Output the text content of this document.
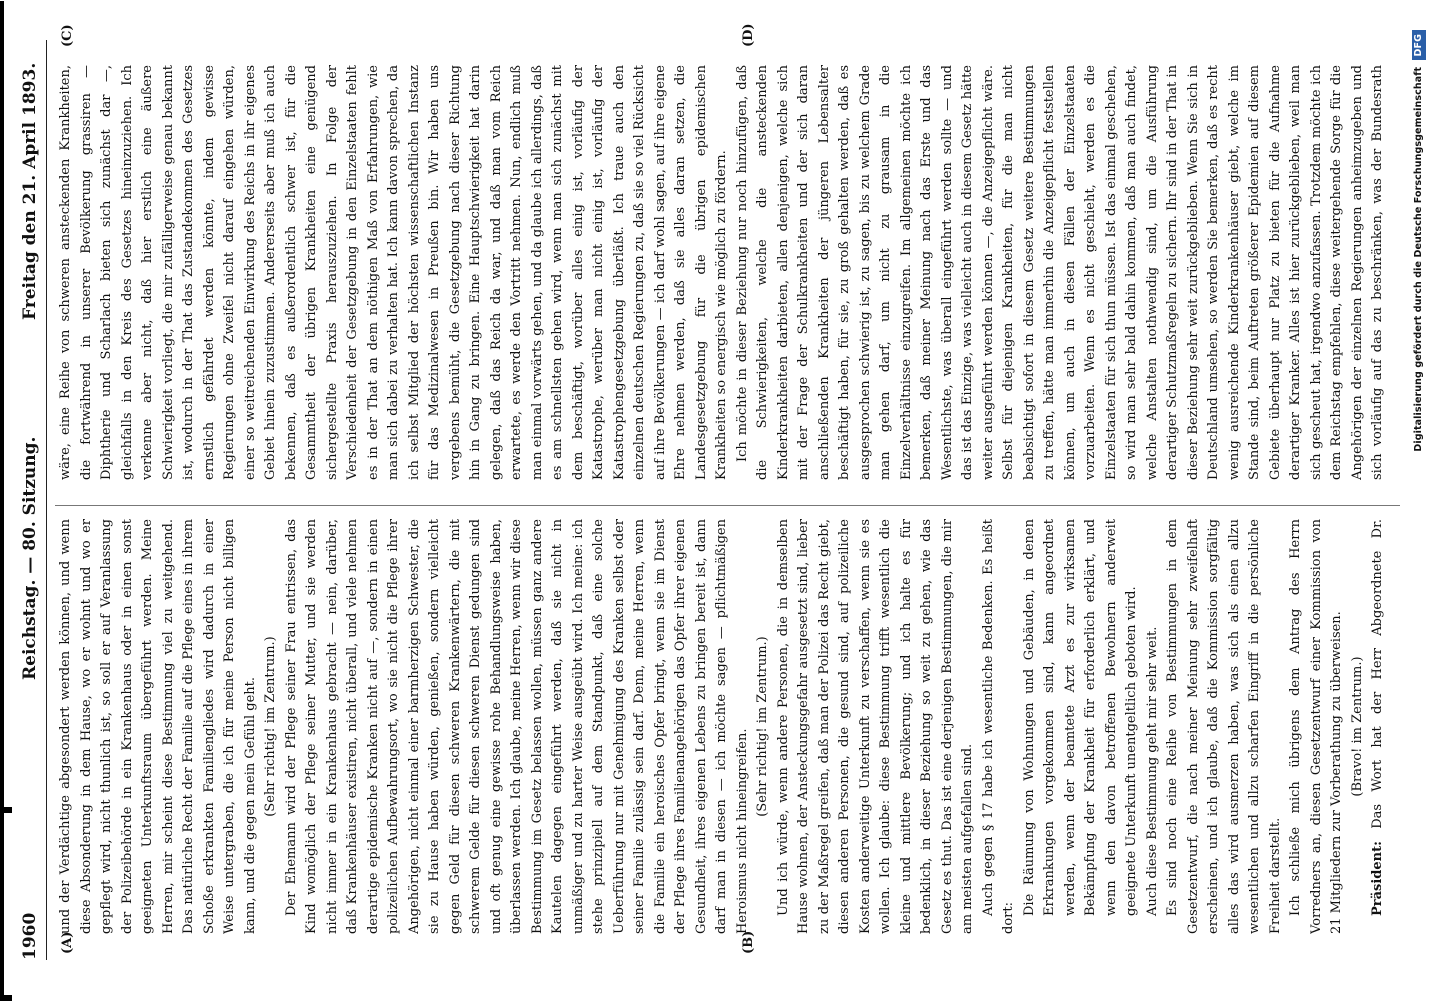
1960
Reichstag. — 80. Sitzung.
Freitag den 21. April 1893.
(A)	(B)
(C)	(D)

und der Verdächtige abgesondert werden können, und wenn diese Absonderung in dem Hause, wo er wohnt und wo er gepflegt wird, nicht thunlich ist, so soll er auf Veranlassung der Polizeibehörde in ein Krankenhaus oder in einen sonst geeigneten Unterkunftsraum übergeführt werden. Meine Herren, mir scheint diese Bestimmung viel zu weitgehend. Das natürliche Recht der Familie auf die Pflege eines in ihrem Schoße erkrankten Familiengliedes wird dadurch in einer Weise untergraben, die ich für meine Person nicht billigen kann, und die gegen mein Gefühl geht. (Sehr richtig! im Zentrum.) Der Ehemann wird der Pflege seiner Frau entrissen, das Kind womöglich der Pflege seiner Mutter, und sie werden nicht immer in ein Krankenhaus gebracht — nein, darüber, daß Krankenhäuser existiren, nicht überall, und viele nehmen derartige epidemische Kranken nicht auf —, sondern in einen polizeilichen Aufbewahrungsort, wo sie nicht die Pflege ihrer Angehörigen, nicht einmal einer barmherzigen Schwester, die sie zu Hause haben würden, genießen, sondern vielleicht gegen Geld für diesen schweren Krankenwärtern, die mit schwerem Gelde für diesen schweren Dienst gedungen sind und oft genug eine gewisse rohe Behandlungsweise haben, überlassen werden. Ich glaube, meine Herren, wenn wir diese Bestimmung im Gesetz belassen wollen, müssen ganz andere Kautelen dagegen eingeführt werden, daß sie nicht in unmäßiger und zu harter Weise ausgeübt wird. Ich meine: ich stehe prinzipiell auf dem Standpunkt, daß eine solche Ueberführung nur mit Genehmigung des Kranken selbst oder seiner Familie zulässig sein darf. Denn, meine Herren, wenn die Familie ein heroisches Opfer bringt, wenn sie im Dienst der Pflege ihres Familienangehörigen das Opfer ihrer eigenen Gesundheit, ihres eigenen Lebens zu bringen bereit ist, dann darf man in diesen — ich möchte sagen — pflichtmäßigen Heroismus nicht hineingreifen.

(Sehr richtig! im Zentrum.) Und ich würde, wenn andere Personen, die in demselben Hause wohnen, der Ansteckungsgefahr ausgesetzt sind, lieber zu der Maßregel greifen, daß man der Polizei das Recht giebt, diesen anderen Personen, die gesund sind, auf polizeiliche Kosten anderweitige Unterkunft zu verschaffen, wenn sie es wollen. Ich glaube: diese Bestimmung trifft wesentlich die kleine und mittlere Bevölkerung; und ich halte es für bedenklich, in dieser Beziehung so weit zu gehen, wie das Gesetz es thut. Das ist eine derjenigen Bestimmungen, die mir am meisten aufgefallen sind. Auch gegen § 17 habe ich wesentliche Bedenken. Es heißt dort:

Die Räumung von Wohnungen und Gebäuden, in denen Erkrankungen vorgekommen sind, kann angeordnet werden, wenn der beamtete Arzt es zur wirksamen Bekämpfung der Krankheit für erforderlich erklärt, und wenn den davon betroffenen Bewohnern anderweit geeignete Unterkunft unentgeltlich geboten wird. Auch diese Bestimmung geht mir sehr weit. Es sind noch eine Reihe von Bestimmungen in dem Gesetzentwurf, die nach meiner Meinung sehr zweifelhaft erscheinen, und ich glaube, daß die Kommission sorgfältig alles das wird ausmerzen haben, was sich als einen allzu wesentlichen und allzu scharfen Eingriff in die persönliche Freiheit darstellt. Ich schließe mich übrigens dem Antrag des Herrn Vorredners an, diesen Gesetzentwurf einer Kommission von 21 Mitgliedern zur Vorberathung zu überweisen. (Bravo! im Zentrum.)

Präsident: Das Wort hat der Herr Abgeordnete Dr.

wäre, eine Reihe von schweren ansteckenden Krankheiten, die fortwährend in unserer Bevölkerung grassiren — Diphtherie und Scharlach bieten sich zunächst dar —, gleichfalls in den Kreis des Gesetzes hineinzuziehen. Ich verkenne aber nicht, daß hier erstlich eine äußere Schwierigkeit vorliegt, die mir zufälligerweise genau bekannt ist, wodurch in der That das Zustandekommen des Gesetzes ernstlich gefährdet werden könnte, indem gewisse Regierungen ohne Zweifel nicht darauf eingehen würden, einer so weitreichenden Einwirkung des Reichs in ihr eigenes Gebiet hinein zuzustimmen. Andererseits aber muß ich auch bekennen, daß es außerordentlich schwer ist, für die Gesammtheit der übrigen Krankheiten eine genügend sichergestellte Praxis herauszuziehen. In Folge der Verschiedenheit der Gesetzgebung in den Einzelstaaten fehlt es in der That an dem nöthigen Maß von Erfahrungen, wie man sich dabei zu verhalten hat. Ich kann davon sprechen, da ich selbst Mitglied der höchsten wissenschaftlichen Instanz für das Medizinalwesen in Preußen bin. Wir haben uns vergebens bemüht, die Gesetzgebung nach dieser Richtung hin in Gang zu bringen. Eine Hauptschwierigkeit hat darin gelegen, daß das Reich da war, und daß man vom Reich erwartete, es werde den Vortritt nehmen. Nun, endlich muß man einmal vorwärts gehen, und da glaube ich allerdings, daß es am schnellsten gehen wird, wenn man sich zunächst mit dem beschäftigt, worüber alles einig ist, vorläufig der Katastrophe, werüber man nicht einig ist, vorläufig der Katastrophengesetzgebung überläßt. Ich traue auch den einzelnen deutschen Regierungen zu, daß sie so viel Rücksicht auf ihre Bevölkerungen — ich darf wohl sagen, auf ihre eigene Ehre nehmen werden, daß sie alles daran setzen, die Landesgesetzgebung für die übrigen epidemischen Krankheiten so energisch wie möglich zu fördern. Ich möchte in dieser Beziehung nur noch hinzufügen, daß die Schwierigkeiten, welche die ansteckenden Kinderkrankheiten darbieten, allen denjenigen, welche sich mit der Frage der Schulkrankheiten und der sich daran anschließenden Krankheiten der jüngeren Lebensalter beschäftigt haben, für sie, zu groß gehalten werden, daß es ausgesprochen schwierig ist, zu sagen, bis zu welchem Grade man gehen darf, um nicht zu grausam in die Einzelverhältnisse einzugreifen. Im allgemeinen möchte ich bemerken, daß meiner Meinung nach das Erste und das Wesentlichste, was überall eingeführt werden sollte — und das ist das Einzige, was vielleicht auch in diesem Gesetz hätte weiter ausgeführt werden können —, die Anzeigepflicht wäre. Selbst für diejenigen Krankheiten, für die man nicht beabsichtigt sofort in diesem Gesetz weitere Bestimmungen zu treffen, hätte man immerhin die Anzeigepflicht feststellen können, um auch in diesen Fällen der Einzelstaaten vorzuarbeiten. Wenn es nicht geschieht, werden es die Einzelstaaten für sich thun müssen. Ist das einmal geschehen, so wird man sehr bald dahin kommen, daß man auch findet, welche Anstalten nothwendig sind, um die Ausführung derartiger Schutzmaßregeln zu sichern. Ihr sind in der That in dieser Beziehung sehr weit zurückgeblieben. Wenn Sie sich in Deutschland umsehen, so werden Sie bemerken, daß es recht wenig ausreichende Kinderkrankenhäuser giebt, welche im Stande sind, beim Auftreten größerer Epidemien auf diesem Gebiete überhaupt nur Platz zu bieten für die Aufnahme derartiger Kranker. Alles ist hier zurückgeblieben, weil man sich gescheut hat, irgendwo anzufassen. Trotzdem möchte ich dem Reichstag empfehlen, diese weitergehende Sorge für die Angehörigen der einzelnen Regierungen anheimzugeben und sich vorläufig auf das zu beschränken, was der Bundesrath	Digitalisierung gefördert durch die Deutsche Forschungsgemeinschaft DFG
